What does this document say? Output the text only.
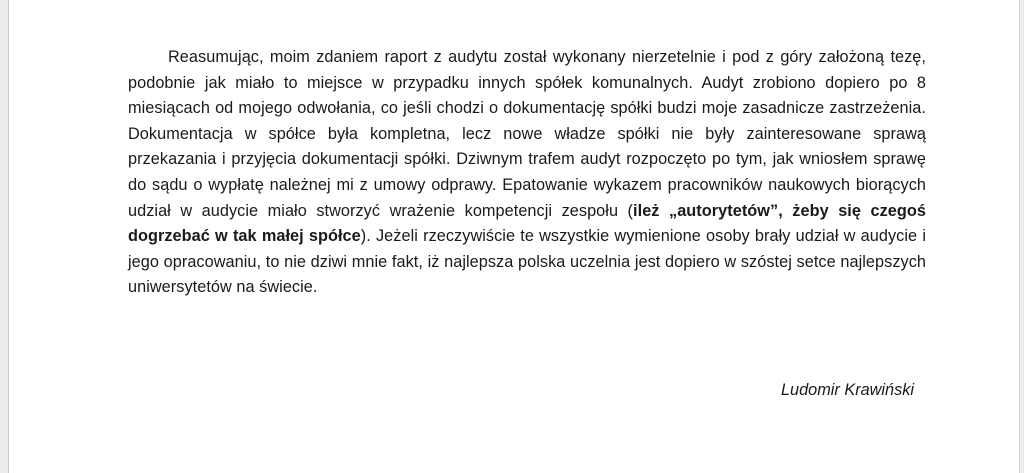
Reasumując, moim zdaniem raport z audytu został wykonany nierzetelnie i pod z góry założoną tezę, podobnie jak miało to miejsce w przypadku innych spółek komunalnych. Audyt zrobiono dopiero po 8 miesiącach od mojego odwołania, co jeśli chodzi o dokumentację spółki budzi moje zasadnicze zastrzeżenia. Dokumentacja w spółce była kompletna, lecz nowe władze spółki nie były zainteresowane sprawą przekazania i przyjęcia dokumentacji spółki. Dziwnym trafem audyt rozpoczęto po tym, jak wniosłem sprawę do sądu o wypłatę należnej mi z umowy odprawy. Epatowanie wykazem pracowników naukowych biorących udział w audycie miało stworzyć wrażenie kompetencji zespołu (ileż „autorytetów”, żeby się czegoś dogrzebać w tak małej spółce). Jeżeli rzeczywiście te wszystkie wymienione osoby brały udział w audycie i jego opracowaniu, to nie dziwi mnie fakt, iż najlepsza polska uczelnia jest dopiero w szóstej setce najlepszych uniwersytetów na świecie.

Ludomir Krawiński
